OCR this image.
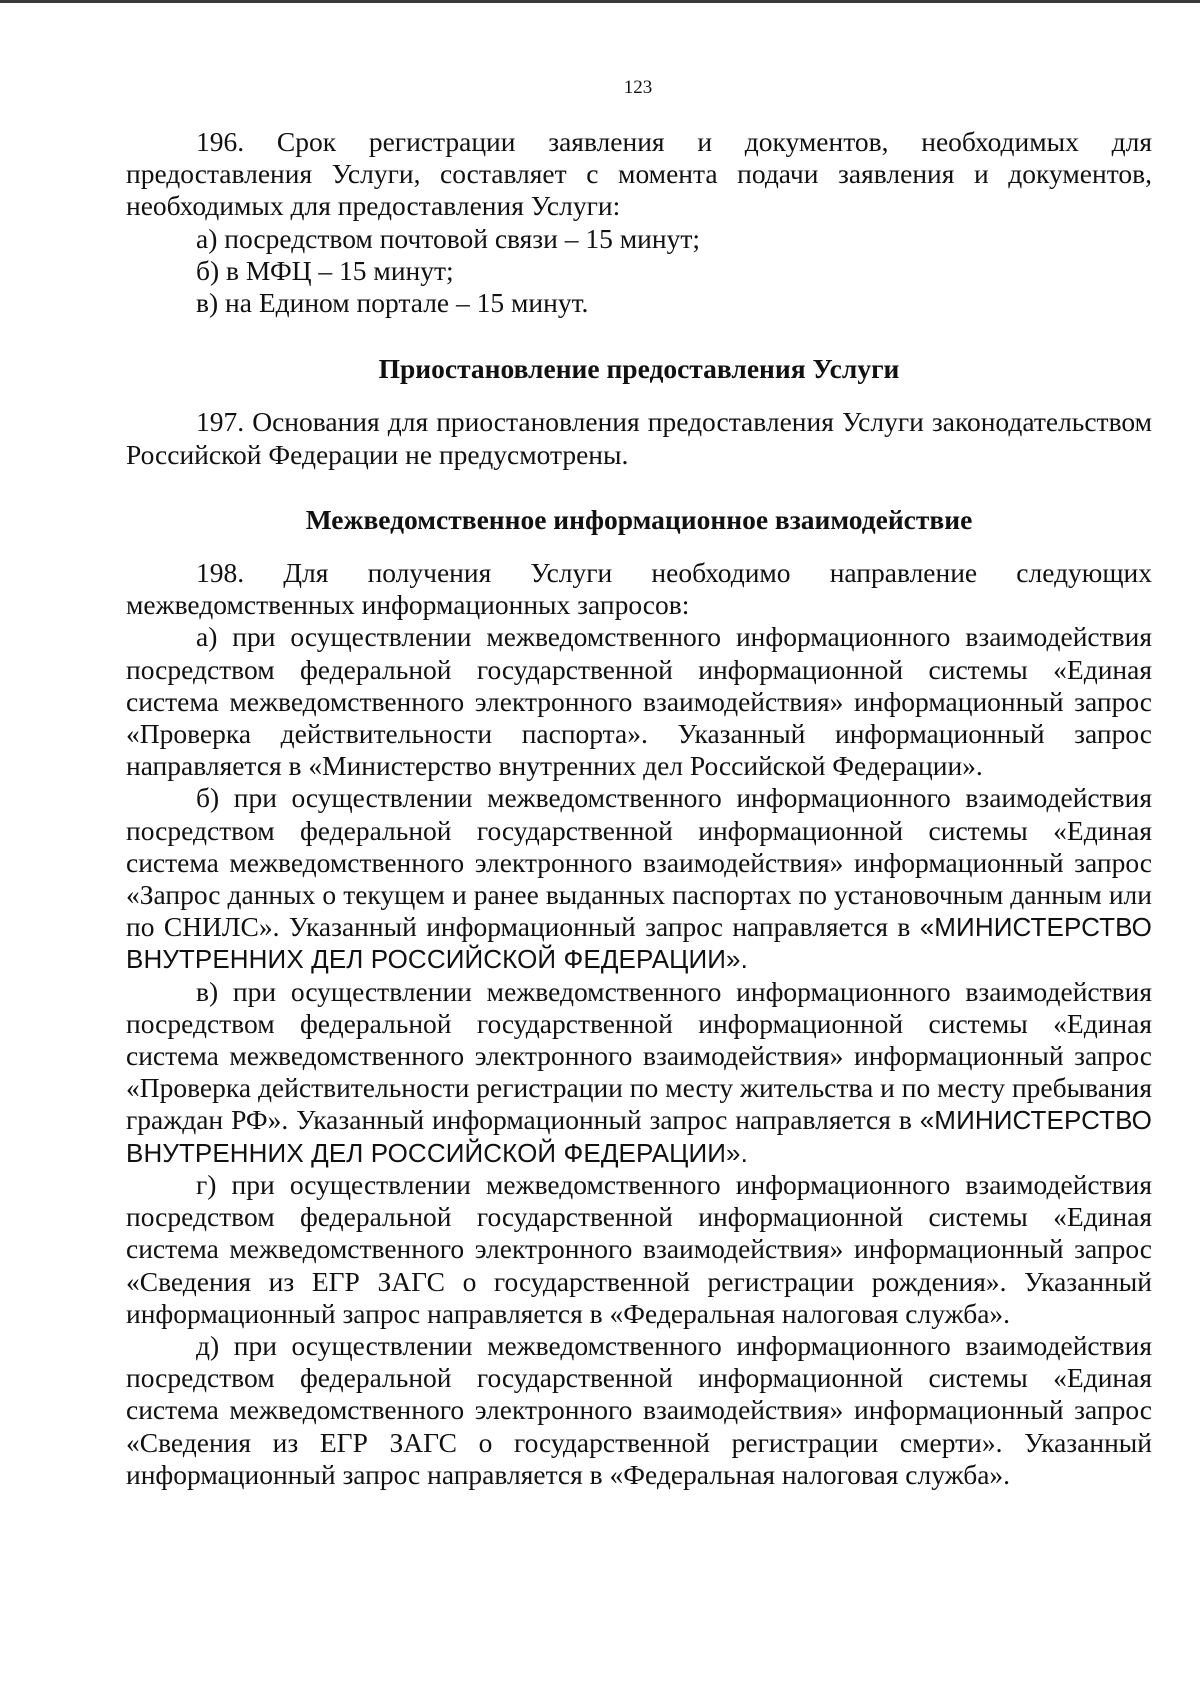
123

196. Срок регистрации заявления и документов, необходимых для предоставления Услуги, составляет с момента подачи заявления и документов, необходимых для предоставления Услуги:

а) посредством почтовой связи – 15 минут;

б) в МФЦ – 15 минут;

в) на Едином портале – 15 минут.

Приостановление предоставления Услуги

197. Основания для приостановления предоставления Услуги законодательством Российской Федерации не предусмотрены.

Межведомственное информационное взаимодействие

198. Для получения Услуги необходимо направление следующих межведомственных информационных запросов:

а) при осуществлении межведомственного информационного взаимодействия посредством федеральной государственной информационной системы «Единая система межведомственного электронного взаимодействия» информационный запрос «Проверка действительности паспорта». Указанный информационный запрос направляется в «Министерство внутренних дел Российской Федерации».

б) при осуществлении межведомственного информационного взаимодействия посредством федеральной государственной информационной системы «Единая система межведомственного электронного взаимодействия» информационный запрос «Запрос данных о текущем и ранее выданных паспортах по установочным данным или по СНИЛС». Указанный информационный запрос направляется в «МИНИСТЕРСТВО ВНУТРЕННИХ ДЕЛ РОССИЙСКОЙ ФЕДЕРАЦИИ».

в) при осуществлении межведомственного информационного взаимодействия посредством федеральной государственной информационной системы «Единая система межведомственного электронного взаимодействия» информационный запрос «Проверка действительности регистрации по месту жительства и по месту пребывания граждан РФ». Указанный информационный запрос направляется в «МИНИСТЕРСТВО ВНУТРЕННИХ ДЕЛ РОССИЙСКОЙ ФЕДЕРАЦИИ».

г) при осуществлении межведомственного информационного взаимодействия посредством федеральной государственной информационной системы «Единая система межведомственного электронного взаимодействия» информационный запрос «Сведения из ЕГР ЗАГС о государственной регистрации рождения». Указанный информационный запрос направляется в «Федеральная налоговая служба».

д) при осуществлении межведомственного информационного взаимодействия посредством федеральной государственной информационной системы «Единая система межведомственного электронного взаимодействия» информационный запрос «Сведения из ЕГР ЗАГС о государственной регистрации смерти». Указанный информационный запрос направляется в «Федеральная налоговая служба».
